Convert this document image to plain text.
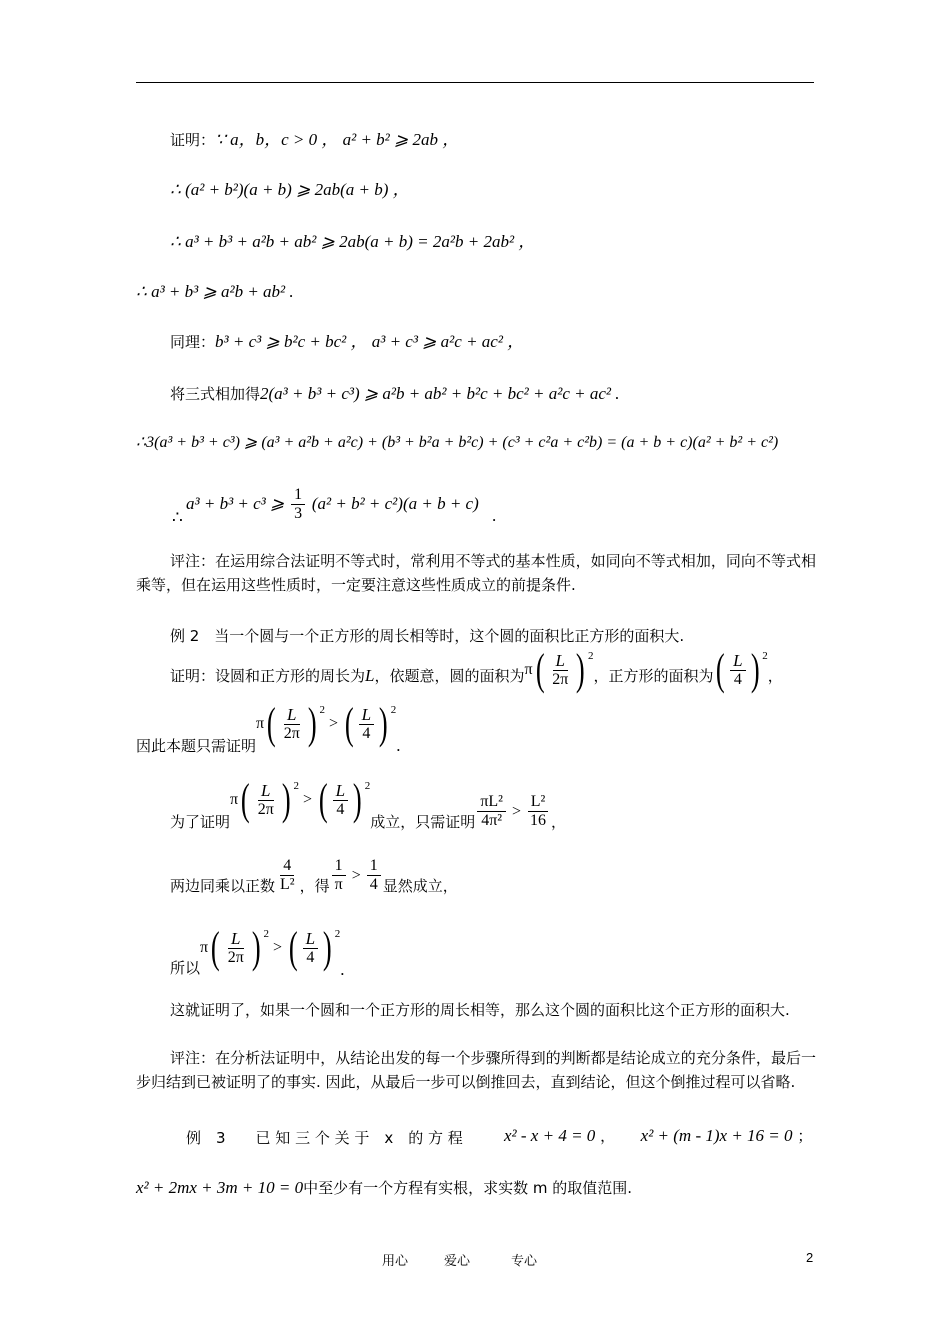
证明：∵ a，b，c > 0 ， a² + b² ⩾ 2ab ，
∴ (a² + b²)(a + b) ⩾ 2ab(a + b) ，
∴ a³ + b³ + a²b + ab² ⩾ 2ab(a + b) = 2a²b + 2ab² ，
∴ a³ + b³ ⩾ a²b + ab² .
同理：b³ + c³ ⩾ b²c + bc² ， a³ + c³ ⩾ a²c + ac² ，
将三式相加得2(a³ + b³ + c³) ⩾ a²b + ab² + b²c + bc² + a²c + ac² .
∴3(a³ + b³ + c³) ⩾ (a³ + a²b + a²c) + (b³ + b²a + b²c) + (c³ + c²a + c²b) = (a + b + c)(a² + b² + c²)
a³ + b³ + c³ ⩾ $\frac{1}{3} (a^2 + b^2 + c^2)(a + b + c)$
∴	.
评注：在运用综合法证明不等式时，常利用不等式的基本性质，如同向不等式相加，同向不等式相乘等，但在运用这些性质时，一定要注意这些性质成立的前提条件.
例 2　当一个圆与一个正方形的周长相等时，这个圆的面积比正方形的面积大.
证明：设圆和正方形的周长为 L ，依题意，圆的面积为 π ( $\frac{L}{2\pi}$ ) 2
，正方形的面积为 ( $\frac{L}{4}$ ) 2
，
因此本题只需证明
π ( $\frac{L}{2\pi}$ ) 2
> ( $\frac{L}{4}$ ) 2
.
为了证明
π ( $\frac{L}{2\pi}$ ) 2
> ( $\frac{L}{4}$ ) 2
成立，只需证明 $\frac{\text{πL²}}{\text{4π²}} > \frac{\text{L²}}{16}$ ，
两边同乘以正数 $\frac{4}{\text{L²}}$ ，得 $\frac{1}{\pi} > \frac{1}{4}$ 显然成立，
所以
π ( $\frac{L}{2\pi}$ ) 2
> ( $\frac{L}{4}$ ) 2
.
这就证明了，如果一个圆和一个正方形的周长相等，那么这个圆的面积比这个正方形的面积大.
评注：在分析法证明中，从结论出发的每一个步骤所得到的判断都是结论成立的充分条件，最后一步归结到已被证明了的事实. 因此，从最后一步可以倒推回去，直到结论，但这个倒推过程可以省略.
例　3　　已 知 三 个 关 于　x　的 方 程 x² - x + 4 = 0 ， x² + (m - 1)x + 16 = 0 ；
x² + 2mx + 3m + 10 = 0中至少有一个方程有实根，求实数 m 的取值范围.
用心	爱心	专心	2
